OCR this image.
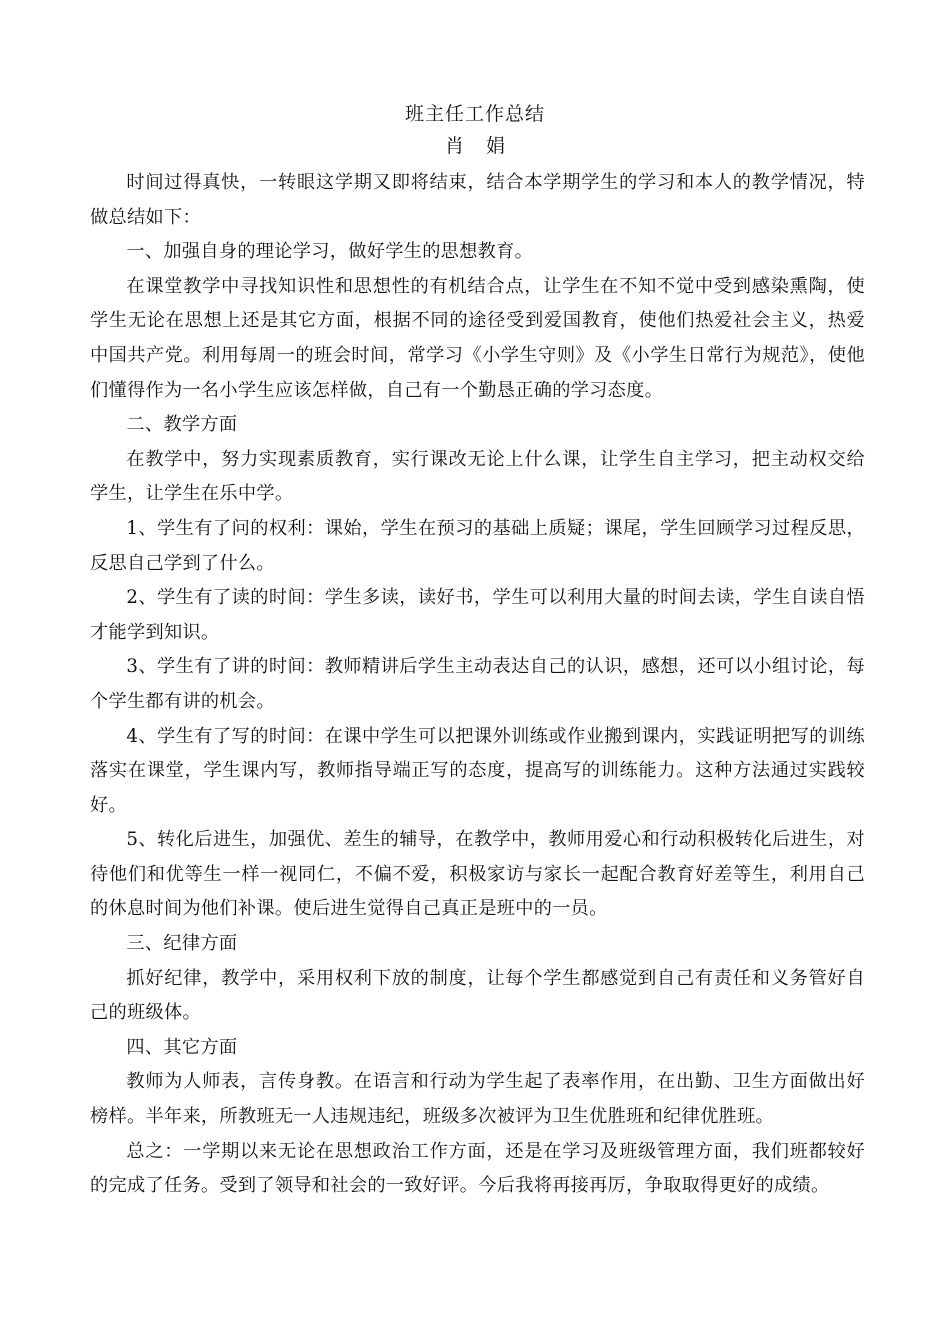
班主任工作总结
肖娟

时间过得真快，一转眼这学期又即将结束，结合本学期学生的学习和本人的教学情况，特做总结如下：

一、加强自身的理论学习，做好学生的思想教育。

在课堂教学中寻找知识性和思想性的有机结合点，让学生在不知不觉中受到感染熏陶，使学生无论在思想上还是其它方面，根据不同的途径受到爱国教育，使他们热爱社会主义，热爱中国共产党。利用每周一的班会时间，常学习《小学生守则》及《小学生日常行为规范》，使他们懂得作为一名小学生应该怎样做，自己有一个勤恳正确的学习态度。

二、教学方面

在教学中，努力实现素质教育，实行课改无论上什么课，让学生自主学习，把主动权交给学生，让学生在乐中学。

1、学生有了问的权利：课始，学生在预习的基础上质疑；课尾，学生回顾学习过程反思，反思自己学到了什么。

2、学生有了读的时间：学生多读，读好书，学生可以利用大量的时间去读，学生自读自悟才能学到知识。

3、学生有了讲的时间：教师精讲后学生主动表达自己的认识，感想，还可以小组讨论，每个学生都有讲的机会。

4、学生有了写的时间：在课中学生可以把课外训练或作业搬到课内，实践证明把写的训练落实在课堂，学生课内写，教师指导端正写的态度，提高写的训练能力。这种方法通过实践较好。

5、转化后进生，加强优、差生的辅导，在教学中，教师用爱心和行动积极转化后进生，对待他们和优等生一样一视同仁，不偏不爱，积极家访与家长一起配合教育好差等生，利用自己的休息时间为他们补课。使后进生觉得自己真正是班中的一员。

三、纪律方面

抓好纪律，教学中，采用权利下放的制度，让每个学生都感觉到自己有责任和义务管好自己的班级体。

四、其它方面

教师为人师表，言传身教。在语言和行动为学生起了表率作用，在出勤、卫生方面做出好榜样。半年来，所教班无一人违规违纪，班级多次被评为卫生优胜班和纪律优胜班。

总之：一学期以来无论在思想政治工作方面，还是在学习及班级管理方面，我们班都较好的完成了任务。受到了领导和社会的一致好评。今后我将再接再厉，争取取得更好的成绩。
